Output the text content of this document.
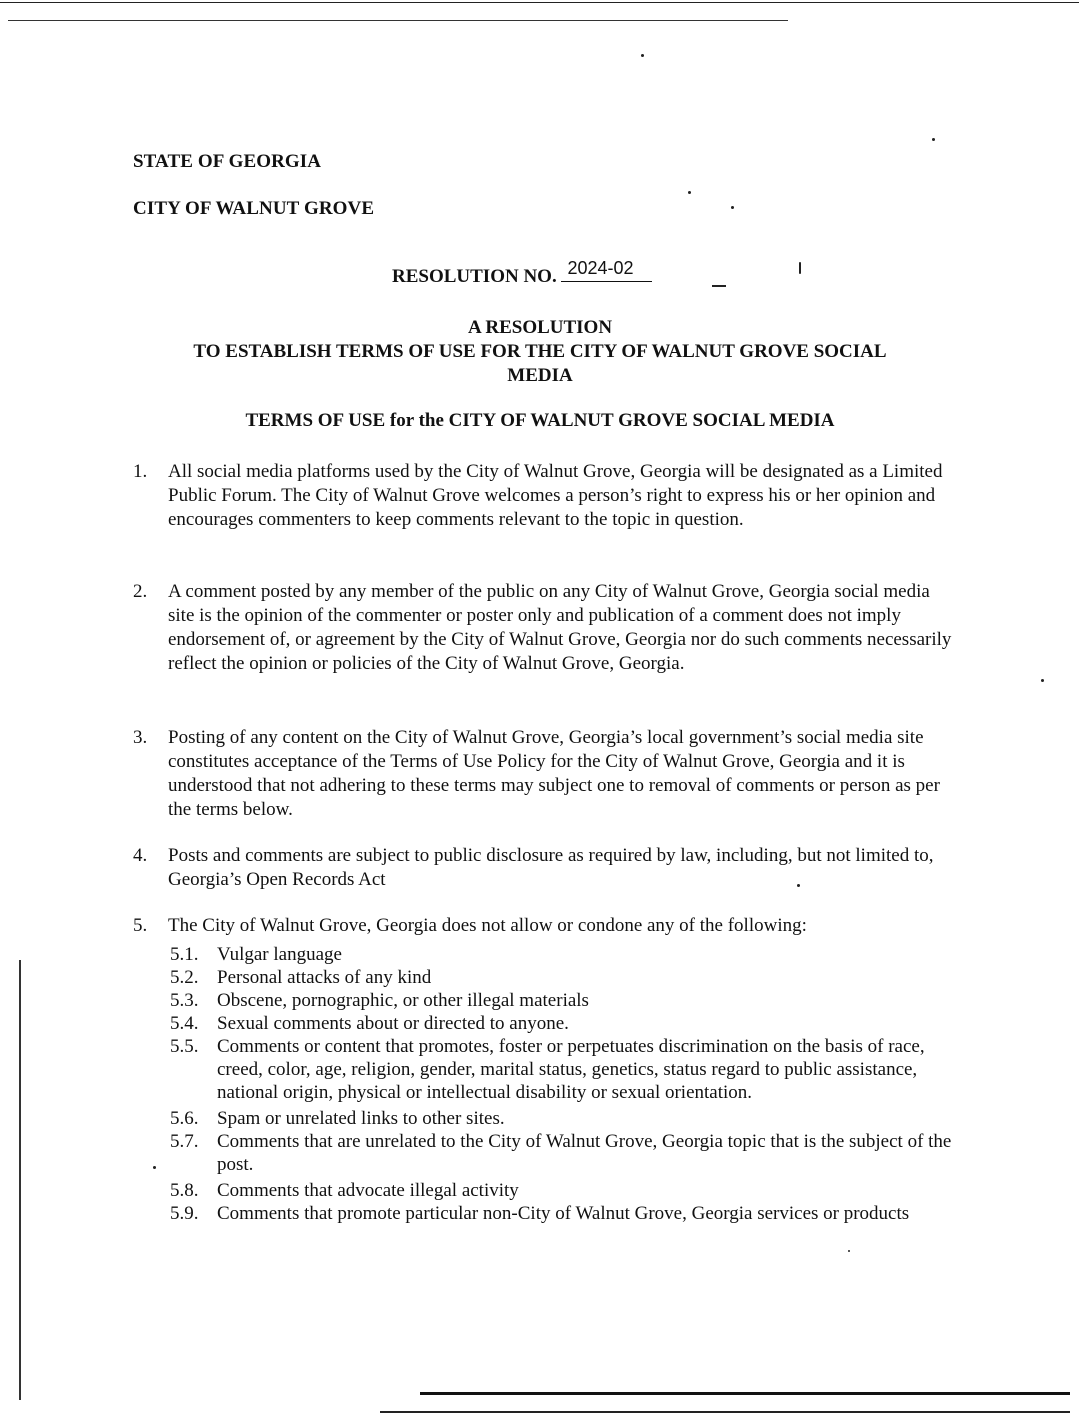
STATE OF GEORGIA
CITY OF WALNUT GROVE
RESOLUTION NO. 2024-02
A RESOLUTION
TO ESTABLISH TERMS OF USE FOR THE CITY OF WALNUT GROVE SOCIAL
MEDIA
TERMS OF USE for the CITY OF WALNUT GROVE SOCIAL MEDIA
1. All social media platforms used by the City of Walnut Grove, Georgia will be designated as a Limited Public Forum. The City of Walnut Grove welcomes a person’s right to express his or her opinion and encourages commenters to keep comments relevant to the topic in question.
2. A comment posted by any member of the public on any City of Walnut Grove, Georgia social media site is the opinion of the commenter or poster only and publication of a comment does not imply endorsement of, or agreement by the City of Walnut Grove, Georgia nor do such comments necessarily reflect the opinion or policies of the City of Walnut Grove, Georgia.
3. Posting of any content on the City of Walnut Grove, Georgia’s local government’s social media site constitutes acceptance of the Terms of Use Policy for the City of Walnut Grove, Georgia and it is understood that not adhering to these terms may subject one to removal of comments or person as per the terms below.
4. Posts and comments are subject to public disclosure as required by law, including, but not limited to, Georgia’s Open Records Act
5. The City of Walnut Grove, Georgia does not allow or condone any of the following:
5.1. Vulgar language
5.2. Personal attacks of any kind
5.3. Obscene, pornographic, or other illegal materials
5.4. Sexual comments about or directed to anyone.
5.5. Comments or content that promotes, foster or perpetuates discrimination on the basis of race, creed, color, age, religion, gender, marital status, genetics, status regard to public assistance, national origin, physical or intellectual disability or sexual orientation.
5.6. Spam or unrelated links to other sites.
5.7. Comments that are unrelated to the City of Walnut Grove, Georgia topic that is the subject of the post.
5.8. Comments that advocate illegal activity
5.9. Comments that promote particular non-City of Walnut Grove, Georgia services or products
